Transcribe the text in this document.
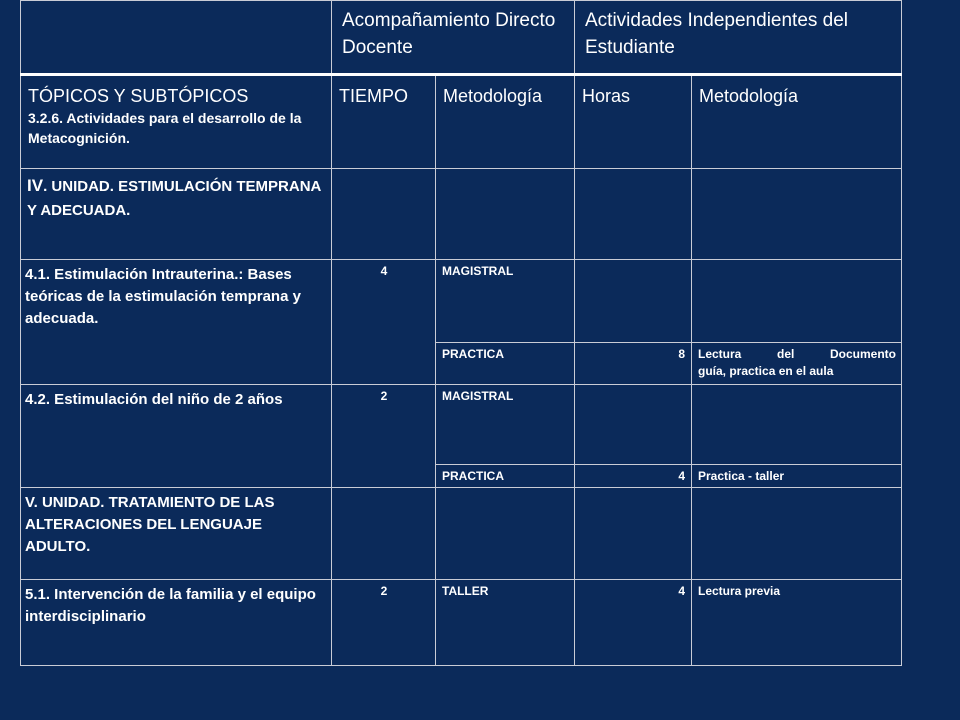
	Acompañamiento Directo Docente		Actividades Independientes del Estudiante	

TÓPICOS Y SUBTÓPICOS
3.2.6. Actividades para el desarrollo de la Metacognición.	TIEMPO	Metodología	Horas	Metodología
IV. UNIDAD. ESTIMULACIÓN TEMPRANA Y ADECUADA.				
4.1. Estimulación Intrauterina.: Bases teóricas de la estimulación temprana y adecuada.	4	MAGISTRAL		
		PRACTICA	8	Lectura del Documento
guía, practica en el aula
4.2. Estimulación del niño de 2 años	2	MAGISTRAL		
		PRACTICA	4	Practica - taller
V. UNIDAD. TRATAMIENTO DE LAS ALTERACIONES DEL LENGUAJE ADULTO.				
5.1. Intervención de la familia y el equipo interdisciplinario	2	TALLER	4	Lectura previa
